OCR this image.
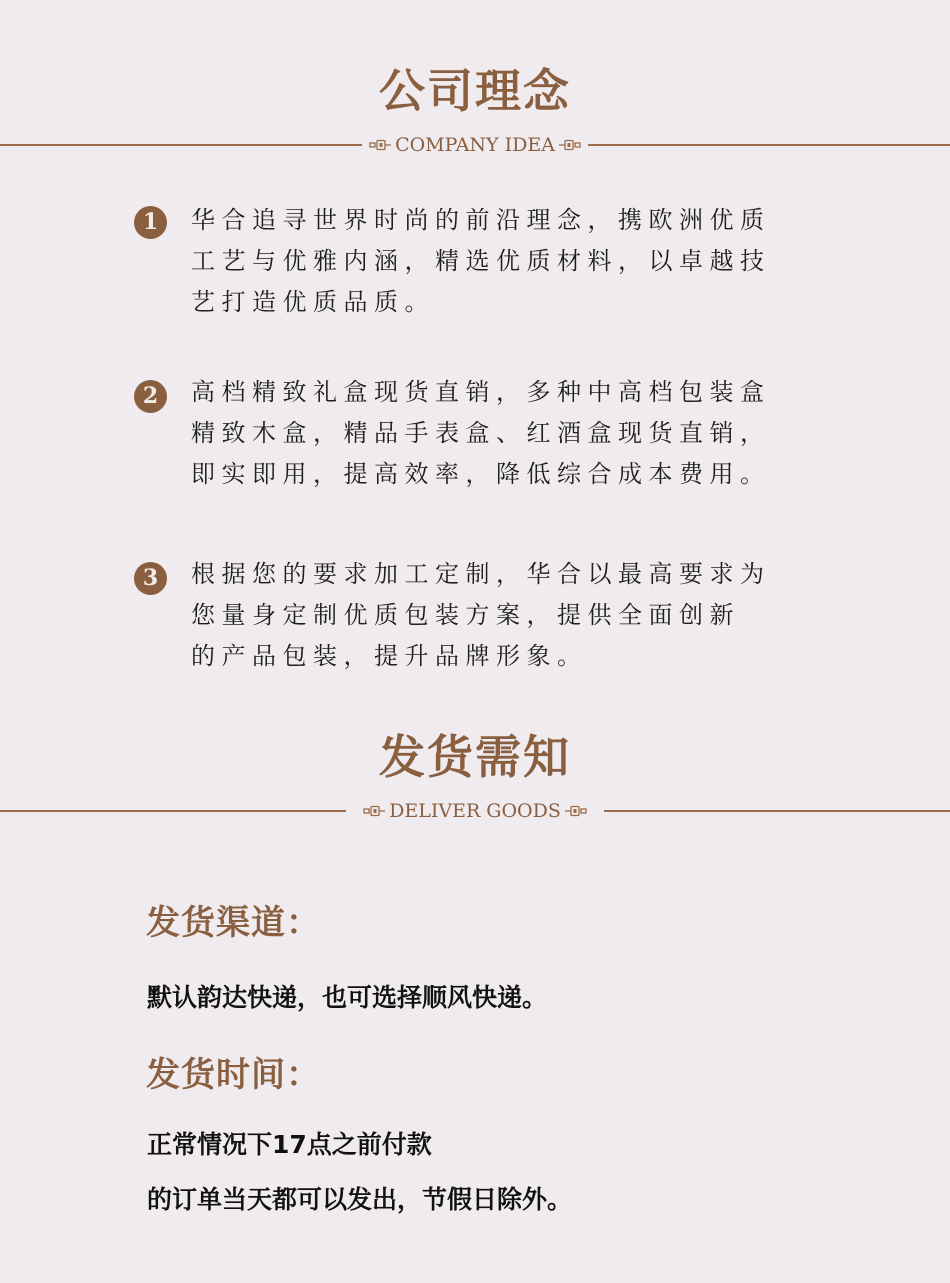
公司理念
COMPANY IDEA
1	华合追寻世界时尚的前沿理念，携欧洲优质
工艺与优雅内涵，精选优质材料，以卓越技
艺打造优质品质。
2	高档精致礼盒现货直销，多种中高档包装盒
精致木盒，精品手表盒、红酒盒现货直销，
即实即用，提高效率，降低综合成本费用。
3	根据您的要求加工定制，华合以最高要求为
您量身定制优质包装方案，提供全面创新
的产品包装，提升品牌形象。
发货需知
DELIVER GOODS
发货渠道：
默认韵达快递，也可选择顺风快递。
发货时间：
正常情况下17点之前付款
的订单当天都可以发出，节假日除外。
